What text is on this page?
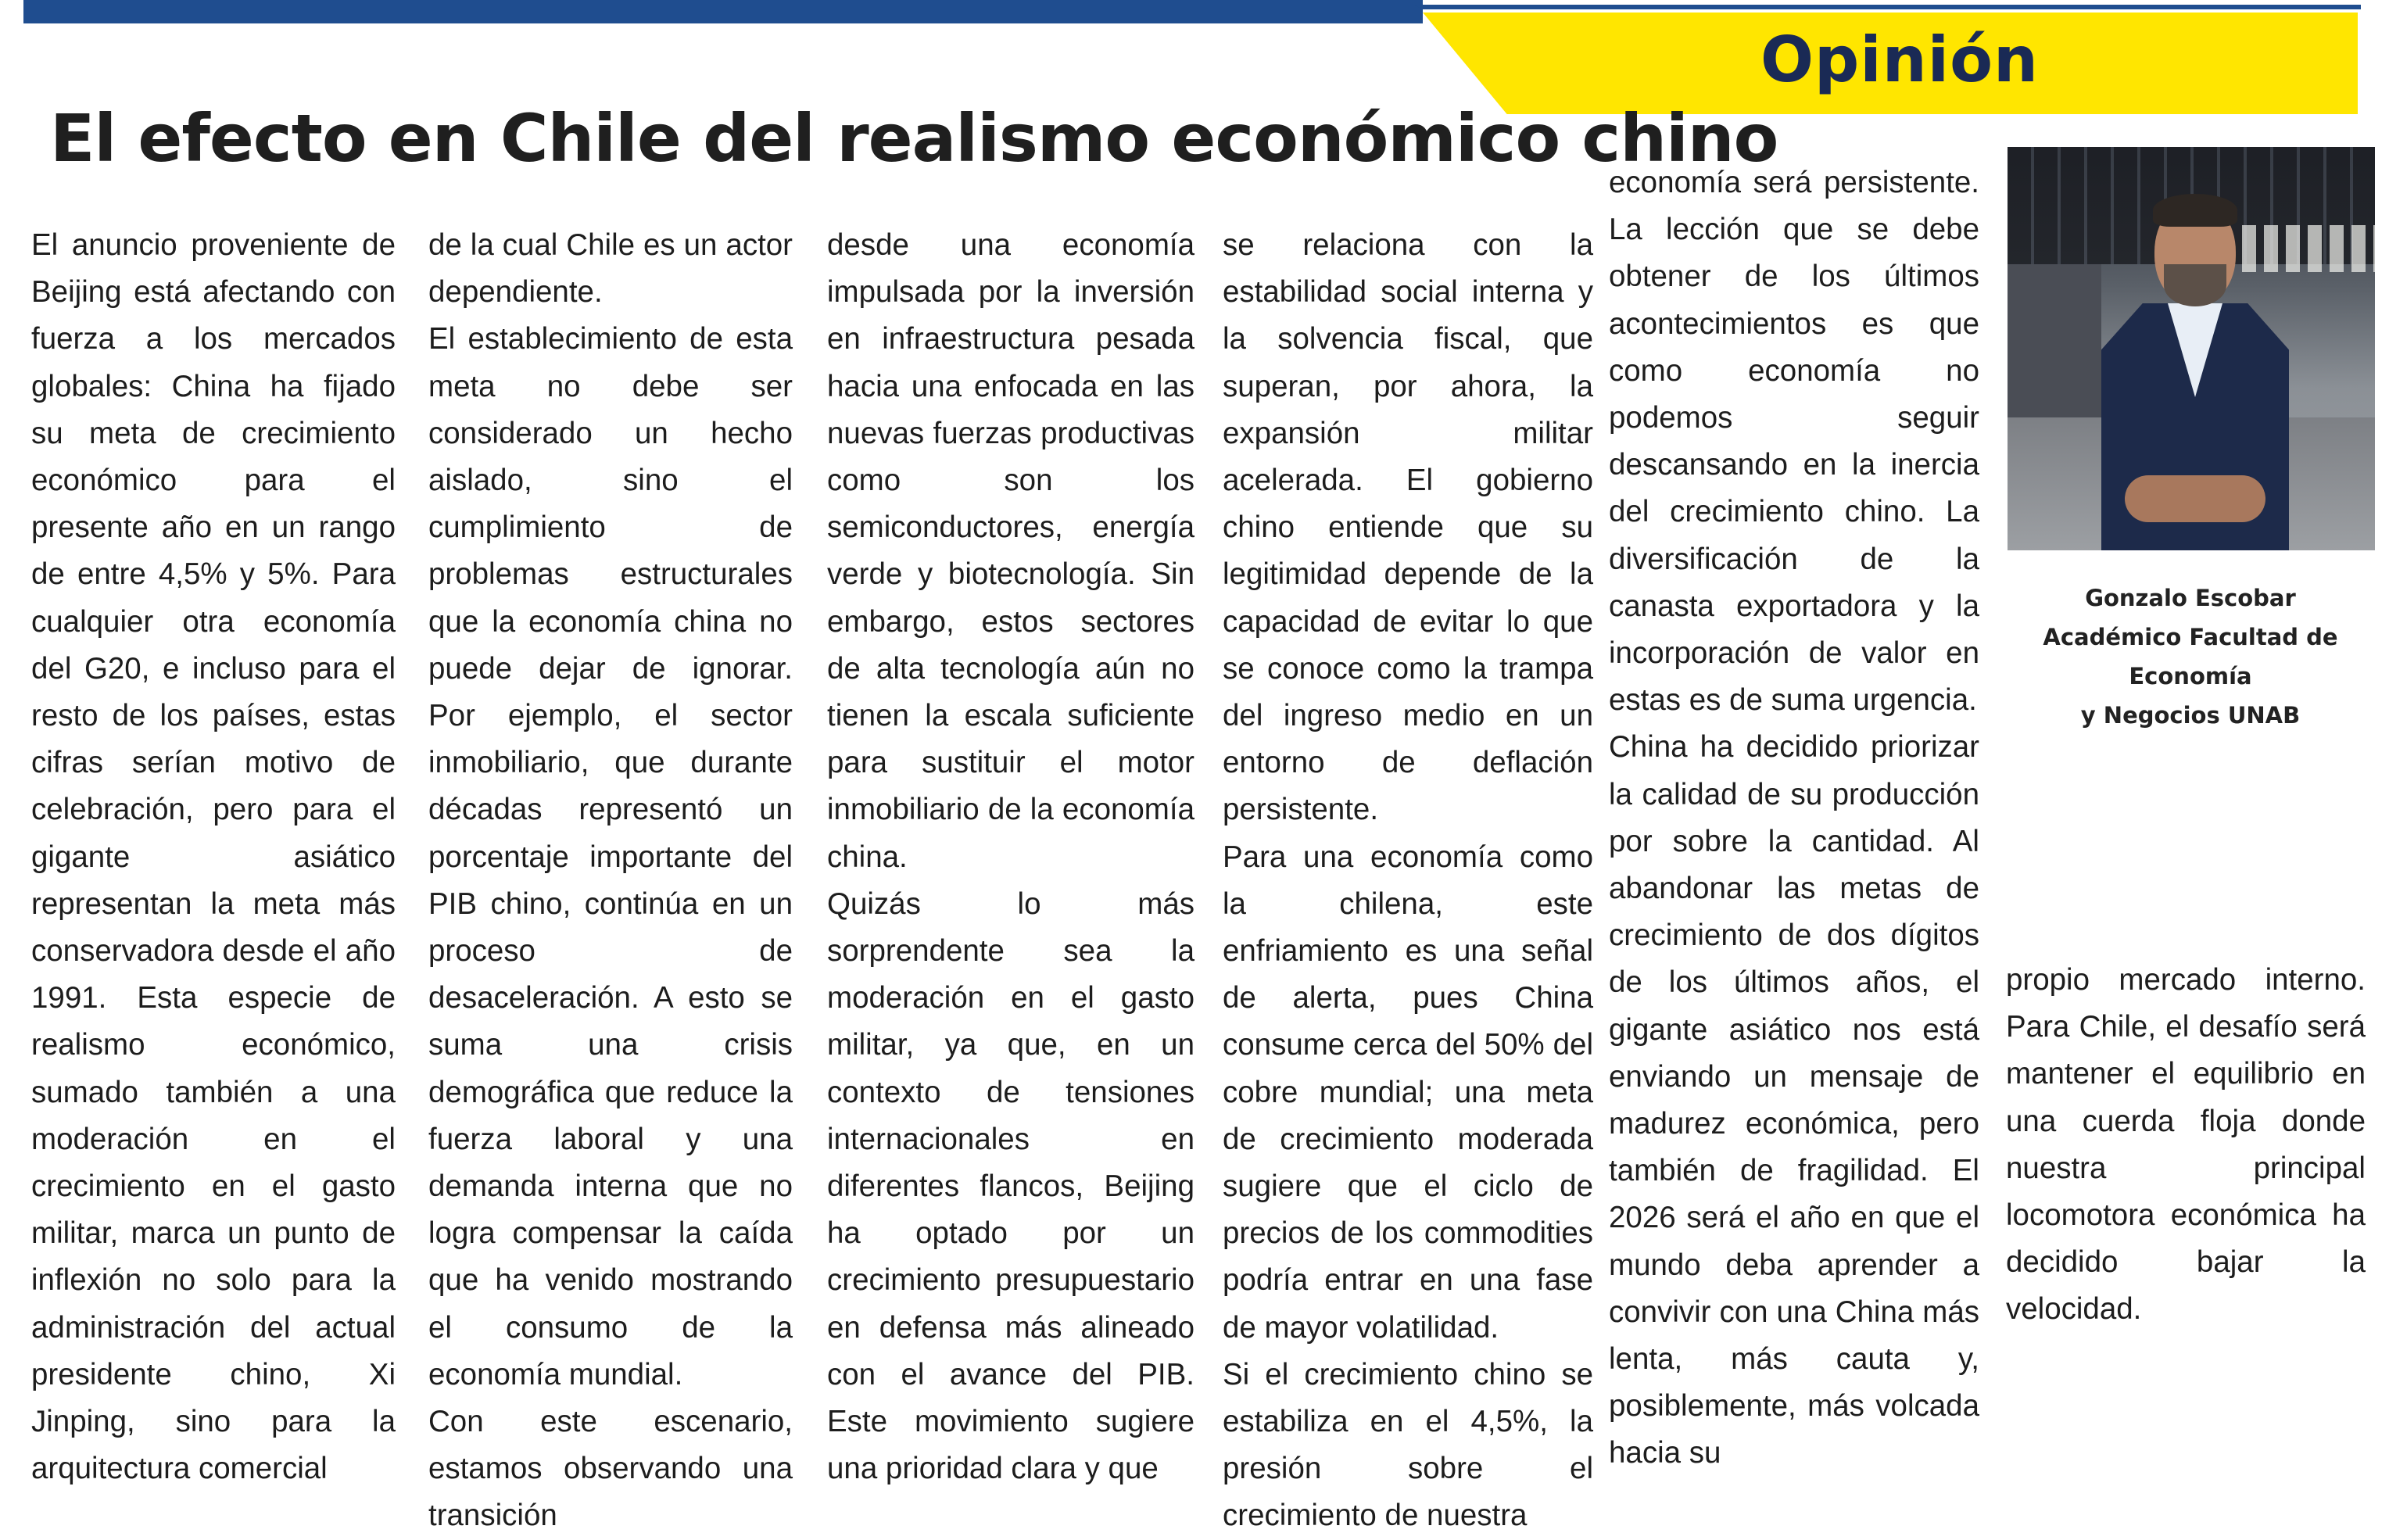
Opinión
El efecto en Chile del realismo económico chino

El anuncio proveniente de Beijing está afectando con fuerza a los mercados globales: China ha fijado su meta de crecimiento económico para el presente año en un rango de entre 4,5% y 5%. Para cualquier otra economía del G20, e incluso para el resto de los países, estas cifras serían motivo de celebración, pero para el gigante asiático representan la meta más conservadora desde el año 1991. Esta especie de realismo económico, sumado también a una moderación en el crecimiento en el gasto militar, marca un punto de inflexión no solo para la administración del actual presidente chino, Xi Jinping, sino para la arquitectura comercial

de la cual Chile es un actor dependiente.

El establecimiento de esta meta no debe ser considerado un hecho aislado, sino el cumplimiento de problemas estructurales que la economía china no puede dejar de ignorar. Por ejemplo, el sector inmobiliario, que durante décadas representó un porcentaje importante del PIB chino, continúa en un proceso de desaceleración. A esto se suma una crisis demográfica que reduce la fuerza laboral y una demanda interna que no logra compensar la caída que ha venido mostrando el consumo de la economía mundial.

Con este escenario, estamos observando una transición

desde una economía impulsada por la inversión en infraestructura pesada hacia una enfocada en las nuevas fuerzas productivas como son los semiconductores, energía verde y biotecnología. Sin embargo, estos sectores de alta tecnología aún no tienen la escala suficiente para sustituir el motor inmobiliario de la economía china.

Quizás lo más sorprendente sea la moderación en el gasto militar, ya que, en un contexto de tensiones internacionales en diferentes flancos, Beijing ha optado por un crecimiento presupuestario en defensa más alineado con el avance del PIB. Este movimiento sugiere una prioridad clara y que

se relaciona con la estabilidad social interna y la solvencia fiscal, que superan, por ahora, la expansión militar acelerada. El gobierno chino entiende que su legitimidad depende de la capacidad de evitar lo que se conoce como la trampa del ingreso medio en un entorno de deflación persistente.

Para una economía como la chilena, este enfriamiento es una señal de alerta, pues China consume cerca del 50% del cobre mundial; una meta de crecimiento moderada sugiere que el ciclo de precios de los commodities podría entrar en una fase de mayor volatilidad.

Si el crecimiento chino se estabiliza en el 4,5%, la presión sobre el crecimiento de nuestra

economía será persistente. La lección que se debe obtener de los últimos acontecimientos es que como economía no podemos seguir descansando en la inercia del crecimiento chino. La diversificación de la canasta exportadora y la incorporación de valor en estas es de suma urgencia.

China ha decidido priorizar la calidad de su producción por sobre la cantidad. Al abandonar las metas de crecimiento de dos dígitos de los últimos años, el gigante asiático nos está enviando un mensaje de madurez económica, pero también de fragilidad. El 2026 será el año en que el mundo deba aprender a convivir con una China más lenta, más cauta y, posiblemente, más volcada hacia su

Gonzalo Escobar
Académico Facultad de Economía
y Negocios UNAB

propio mercado interno. Para Chile, el desafío será mantener el equilibrio en una cuerda floja donde nuestra principal locomotora económica ha decidido bajar la velocidad.
